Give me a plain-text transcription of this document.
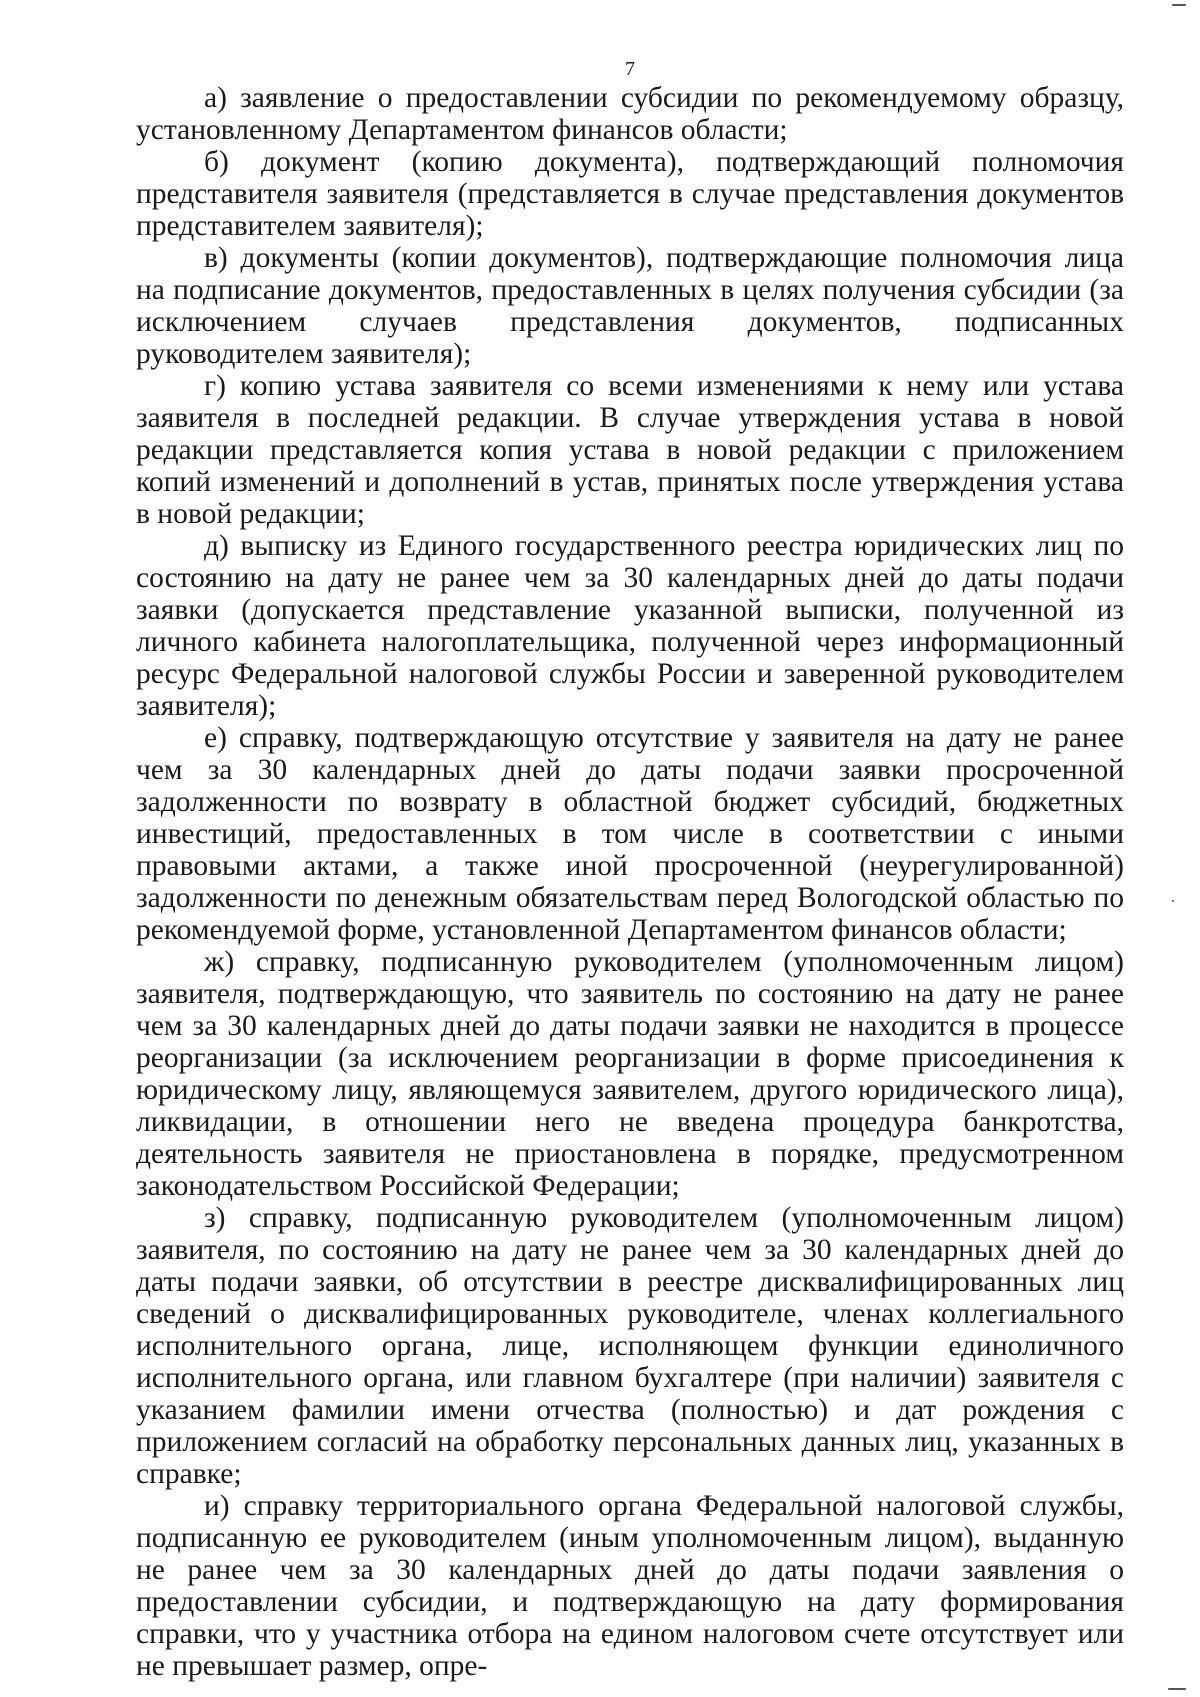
7

а) заявление о предоставлении субсидии по рекомендуемому образцу, установленному Департаментом финансов области;

б) документ (копию документа), подтверждающий полномочия представителя заявителя (представляется в случае представления документов представителем заявителя);

в) документы (копии документов), подтверждающие полномочия лица на подписание документов, предоставленных в целях получения субсидии (за исключением случаев представления документов, подписанных руководителем заявителя);

г) копию устава заявителя со всеми изменениями к нему или устава заявителя в последней редакции. В случае утверждения устава в новой редакции представляется копия устава в новой редакции с приложением копий изменений и дополнений в устав, принятых после утверждения устава в новой редакции;

д) выписку из Единого государственного реестра юридических лиц по состоянию на дату не ранее чем за 30 календарных дней до даты подачи заявки (допускается представление указанной выписки, полученной из личного кабинета налогоплательщика, полученной через информационный ресурс Федеральной налоговой службы России и заверенной руководителем заявителя);

е) справку, подтверждающую отсутствие у заявителя на дату не ранее чем за 30 календарных дней до даты подачи заявки просроченной задолженности по возврату в областной бюджет субсидий, бюджетных инвестиций, предоставленных в том числе в соответствии с иными правовыми актами, а также иной просроченной (неурегулированной) задолженности по денежным обязательствам перед Вологодской областью по рекомендуемой форме, установленной Департаментом финансов области;

ж) справку, подписанную руководителем (уполномоченным лицом) заявителя, подтверждающую, что заявитель по состоянию на дату не ранее чем за 30 календарных дней до даты подачи заявки не находится в процессе реорганизации (за исключением реорганизации в форме присоединения к юридическому лицу, являющемуся заявителем, другого юридического лица), ликвидации, в отношении него не введена процедура банкротства, деятельность заявителя не приостановлена в порядке, предусмотренном законодательством Российской Федерации;

з) справку, подписанную руководителем (уполномоченным лицом) заявителя, по состоянию на дату не ранее чем за 30 календарных дней до даты подачи заявки, об отсутствии в реестре дисквалифицированных лиц сведений о дисквалифицированных руководителе, членах коллегиального исполнительного органа, лице, исполняющем функции единоличного исполнительного органа, или главном бухгалтере (при наличии) заявителя с указанием фамилии имени отчества (полностью) и дат рождения с приложением согласий на обработку персональных данных лиц, указанных в справке;

и) справку территориального органа Федеральной налоговой службы, подписанную ее руководителем (иным уполномоченным лицом), выданную не ранее чем за 30 календарных дней до даты подачи заявления о предоставлении субсидии, и подтверждающую на дату формирования справки, что у участника отбора на едином налоговом счете отсутствует или не превышает размер, опре-
